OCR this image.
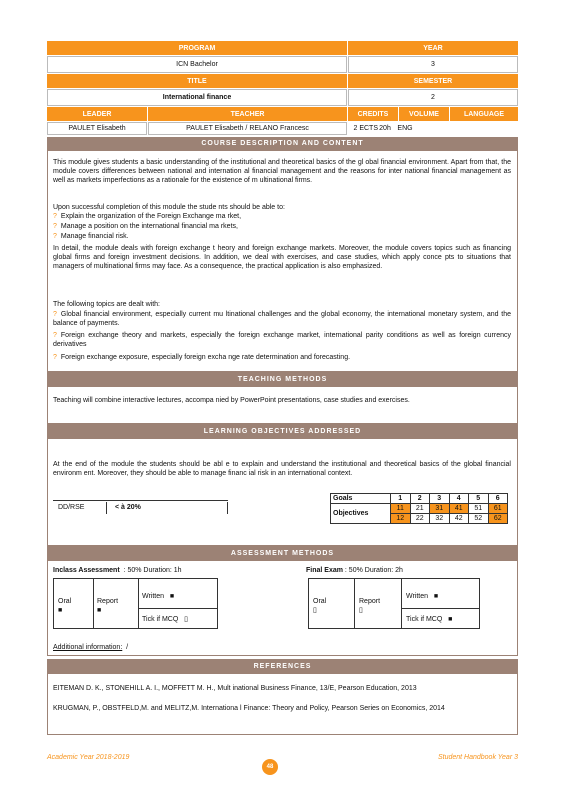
PROGRAM	YEAR
ICN Bachelor	3
TITLE	SEMESTER
International finance	2
LEADER	TEACHER	CREDITS	VOLUME	LANGUAGE
PAULET Elisabeth	PAULET Elisabeth / RELANO Francesc	2 ECTS 20h ENG
COURSE DESCRIPTION AND CONTENT
This module gives students a basic understanding of the institutional and theoretical basics of the gl obal financial environment. Apart from that, the module covers differences between national and internation al financial management and the reasons for inter national financial management as well as markets imperfections as a rationale for the existence of m ultinational firms.
Upon successful completion of this module the stude nts should be able to:
? Explain the organization of the Foreign Exchange ma rket,
? Manage a position on the international financial ma rkets,
? Manage financial risk.
In detail, the module deals with foreign exchange t heory and foreign exchange markets. Moreover, the module covers topics such as financing global firms and foreign investment decisions. In addition, we deal with exercises, and case studies, which apply conce pts to situations that managers of multinational firms may face. As a consequence, the practical application is also emphasized.
The following topics are dealt with:
? Global financial environment, especially current mu ltinational challenges and the global economy, the international monetary system, and the balance of payments.
? Foreign exchange theory and markets, especially the foreign exchange market, international parity conditions as well as foreign currency derivatives
? Foreign exchange exposure, especially foreign excha nge rate determination and forecasting.
TEACHING METHODS
Teaching will combine interactive lectures, accompa nied by PowerPoint presentations, case studies and exercises.
LEARNING OBJECTIVES ADDRESSED
At the end of the module the students should be abl e to explain and understand the institutional and theoretical basics of the global financial environm ent. Moreover, they should be able to manage financ ial risk in an international context.
DD/RSE	< à 20%
Goals	1	2	3	4	5	6
Objectives	11	21	31	41	51	61
	12	22	32	42	52	62
ASSESSMENT METHODS
Inclass Assessment : 50% Duration: 1h	Final Exam : 50% Duration: 2h
Oral
■
Report
■
Written ■
Tick if MCQ ▯
Oral
▯
Report
▯
Written ■
Tick if MCQ ■
Additional information: /
REFERENCES
EITEMAN D. K., STONEHILL A. I., MOFFETT M. H., Mult inational Business Finance, 13/E, Pearson Education, 2013
KRUGMAN, P., OBSTFELD,M. and MELITZ,M. Internationa l Finance: Theory and Policy, Pearson Series on Economics, 2014
Academic Year 2018-2019	Student Handbook Year 3
48
